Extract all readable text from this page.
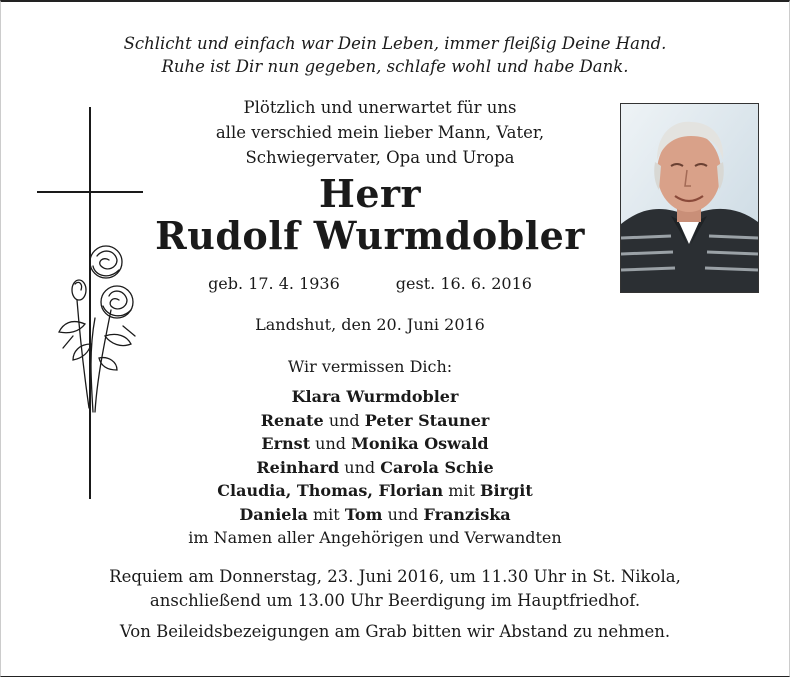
Schlicht und einfach war Dein Leben, immer fleißig Deine Hand.
Ruhe ist Dir nun gegeben, schlafe wohl und habe Dank.
Plötzlich und unerwartet für uns
alle verschied mein lieber Mann, Vater,
Schwiegervater, Opa und Uropa
Herr
Rudolf Wurmdobler
geb. 17. 4. 1936	gest. 16. 6. 2016
Landshut, den 20. Juni 2016
Wir vermissen Dich:
Klara Wurmdobler
Renate und Peter Stauner
Ernst und Monika Oswald
Reinhard und Carola Schie
Claudia, Thomas, Florian mit Birgit
Daniela mit Tom und Franziska
im Namen aller Angehörigen und Verwandten
Requiem am Donnerstag, 23. Juni 2016, um 11.30 Uhr in St. Nikola,
anschließend um 13.00 Uhr Beerdigung im Hauptfriedhof.
Von Beileidsbezeigungen am Grab bitten wir Abstand zu nehmen.
